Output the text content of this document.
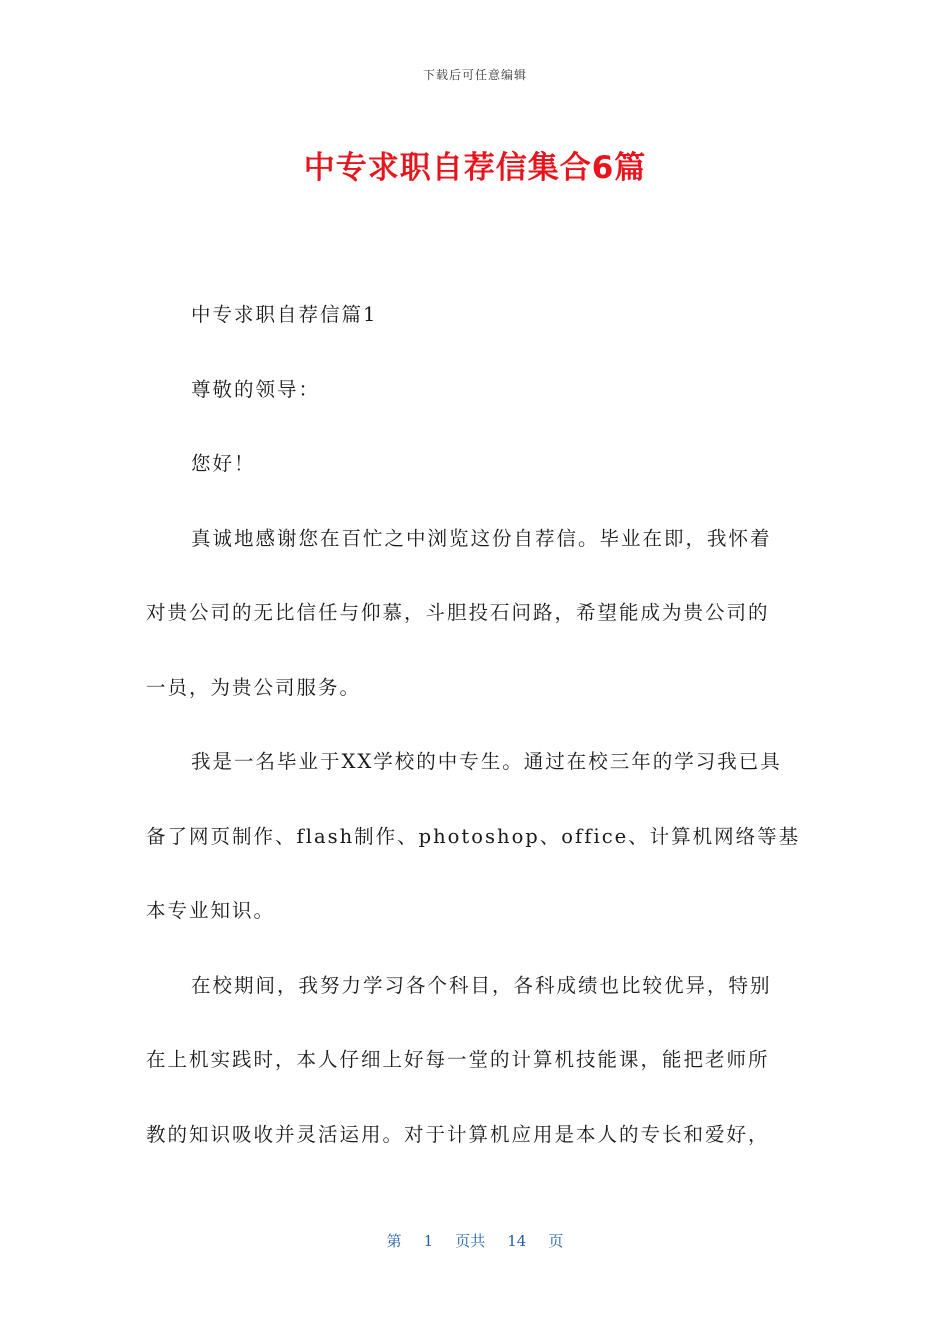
下载后可任意编辑
中专求职自荐信集合6篇

中专求职自荐信篇1

尊敬的领导：

您好！

真诚地感谢您在百忙之中浏览这份自荐信。毕业在即，我怀着
对贵公司的无比信任与仰慕，斗胆投石问路，希望能成为贵公司的
一员，为贵公司服务。

我是一名毕业于XX学校的中专生。通过在校三年的学习我已具
备了网页制作、flash制作、photoshop、office、计算机网络等基
本专业知识。

在校期间，我努力学习各个科目，各科成绩也比较优异，特别
在上机实践时，本人仔细上好每一堂的计算机技能课，能把老师所
教的知识吸收并灵活运用。对于计算机应用是本人的专长和爱好，

第 1 页共 14 页
